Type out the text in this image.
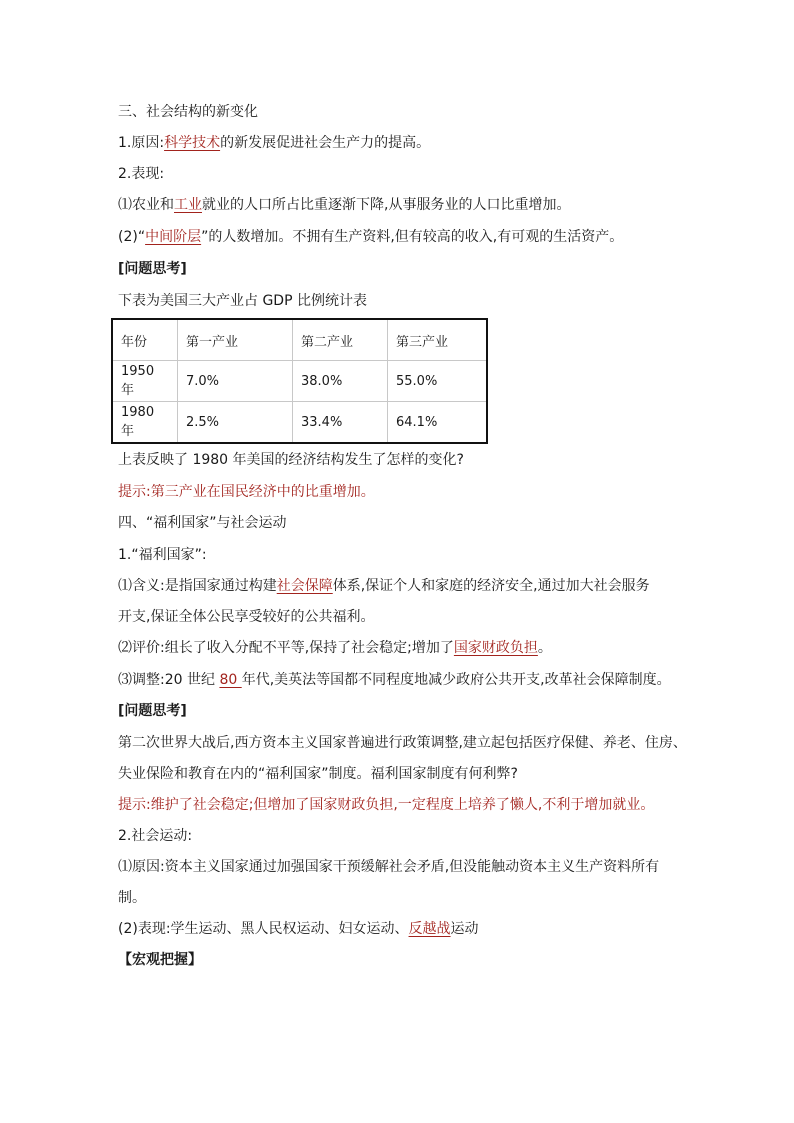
三、社会结构的新变化

1.原因:科学技术的新发展促进社会生产力的提高。

2.表现:

⑴农业和工业就业的人口所占比重逐渐下降,从事服务业的人口比重增加。

(2)“中间阶层”的人数增加。不拥有生产资料,但有较高的收入,有可观的生活资产。

[问题思考]

下表为美国三大产业占 GDP 比例统计表

年份	第一产业	第二产业	第三产业
1950 年	7.0%	38.0%	55.0%
1980 年	2.5%	33.4%	64.1%

上表反映了 1980 年美国的经济结构发生了怎样的变化?

提示:第三产业在国民经济中的比重增加。

四、“福利国家”与社会运动

1.“福利国家”:

⑴含义:是指国家通过构建社会保障体系,保证个人和家庭的经济安全,通过加大社会服务

开支,保证全体公民享受较好的公共福利。

⑵评价:组长了收入分配不平等,保持了社会稳定;增加了国家财政负担。

⑶调整:20 世纪 80 年代,美英法等国都不同程度地减少政府公共开支,改革社会保障制度。

[问题思考]

第二次世界大战后,西方资本主义国家普遍进行政策调整,建立起包括医疗保健、养老、住房、

失业保险和教育在内的“福利国家”制度。福利国家制度有何利弊?

提示:维护了社会稳定;但增加了国家财政负担,一定程度上培养了懒人,不利于增加就业。

2.社会运动:

⑴原因:资本主义国家通过加强国家干预缓解社会矛盾,但没能触动资本主义生产资料所有

制。

(2)表现:学生运动、黑人民权运动、妇女运动、反越战运动

【宏观把握】
